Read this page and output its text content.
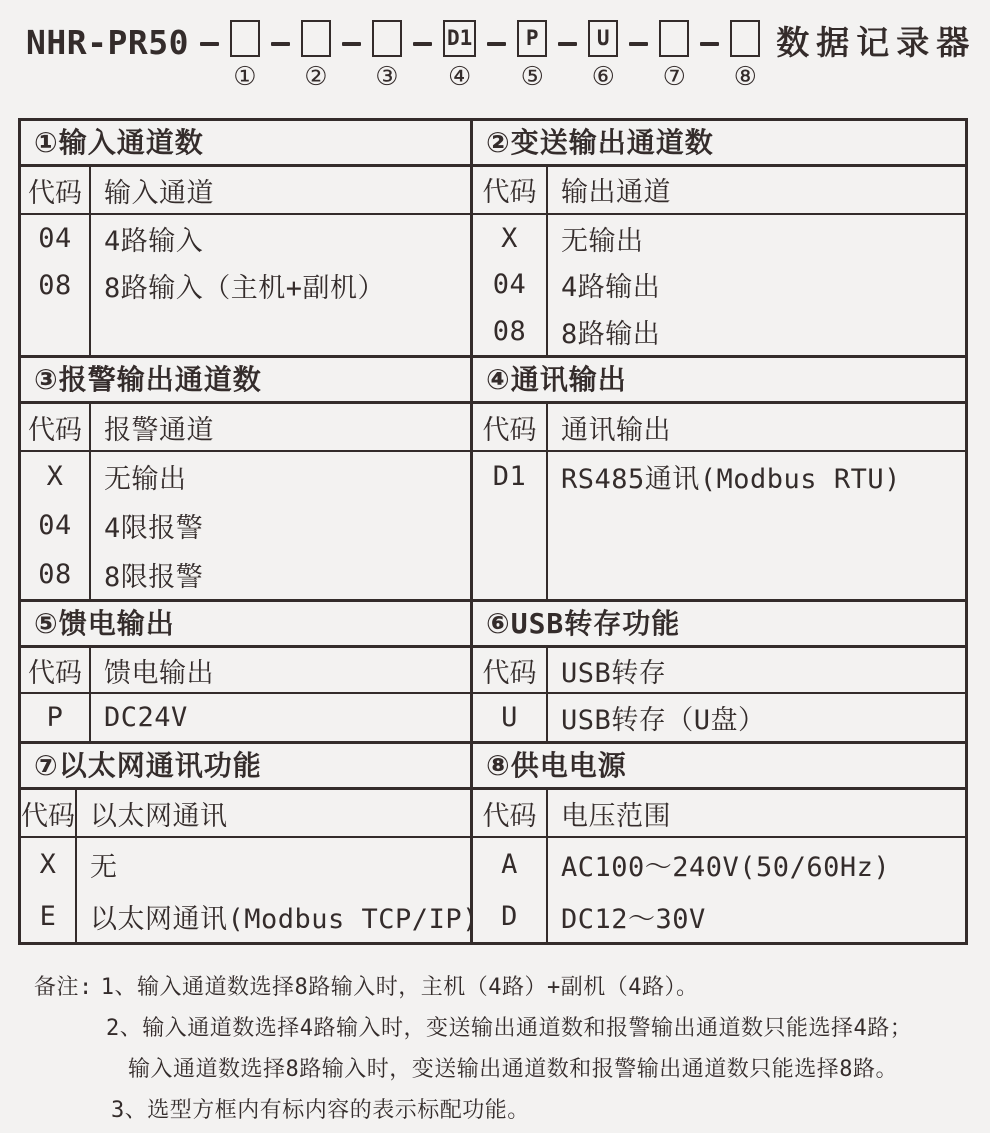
NHR-PR50
① ② ③
D1
④
P
⑤
U
⑥ ⑦ ⑧
数据记录器
①输入通道数
代码
04
08
输入通道
4路输入
8路输入（主机+副机）
②变送输出通道数
代码
X
04
08
输出通道
无输出
4路输出
8路输出
③报警输出通道数
代码
X
04
08
报警通道
无输出
4限报警
8限报警
④通讯输出
代码
D1
通讯输出
RS485通讯(Modbus RTU)
⑤馈电输出
代码
P
馈电输出
DC24V
⑥USB转存功能
代码
U
USB转存
USB转存（U盘）
⑦以太网通讯功能
代码
X
E
以太网通讯
无
以太网通讯(Modbus TCP/IP)
⑧供电电源
代码
A
D
电压范围
AC100～240V(50/60Hz)
DC12～30V
备注: 1、输入通道数选择8路输入时，主机（4路）+副机（4路）。
2、输入通道数选择4路输入时，变送输出通道数和报警输出通道数只能选择4路；
输入通道数选择8路输入时，变送输出通道数和报警输出通道数只能选择8路。
3、选型方框内有标内容的表示标配功能。
